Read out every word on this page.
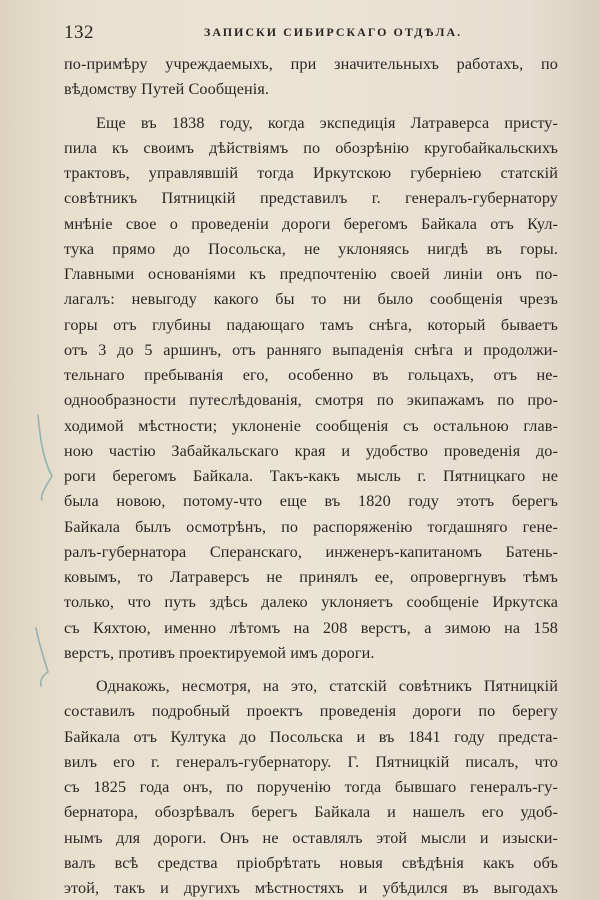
132	ЗАПИСКИ СИБИРСКАГО ОТДѢЛА.
по-примѣру учреждаемыхъ, при значительныхъ работахъ, по
вѣдомству Путей Сообщенія.
Еще въ 1838 году, когда экспедиція Латраверса присту-
пила къ своимъ дѣйствіямъ по обозрѣнію кругобайкальскихъ
трактовъ, управлявшій тогда Иркутскою губерніею статскій
совѣтникъ Пятницкій представилъ г. генералъ-губернатору
мнѣніе свое о проведеніи дороги берегомъ Байкала отъ Кул-
тука прямо до Посольска, не уклоняясь нигдѣ въ горы.
Главными основаніями къ предпочтенію своей линіи онъ по-
лагалъ: невыгоду какого бы то ни было сообщенія чрезъ
горы отъ глубины падающаго тамъ снѣга, который бываетъ
отъ 3 до 5 аршинъ, отъ ранняго выпаденія снѣга и продолжи-
тельнаго пребыванія его, особенно въ гольцахъ, отъ не-
однообразности путеслѣдованія, смотря по экипажамъ по про-
ходимой мѣстности; уклоненіе сообщенія съ остальною глав-
ною частію Забайкальскаго края и удобство проведенія до-
роги берегомъ Байкала. Такъ-какъ мысль г. Пятницкаго не
была новою, потому-что еще въ 1820 году этотъ берегъ
Байкала былъ осмотрѣнъ, по распоряженію тогдашняго гене-
ралъ-губернатора Сперанскаго, инженеръ-капитаномъ Батень-
ковымъ, то Латраверсъ не принялъ ее, опровергнувъ тѣмъ
только, что путь здѣсь далеко уклоняетъ сообщеніе Иркутска
съ Кяхтою, именно лѣтомъ на 208 верстъ, а зимою на 158
верстъ, противъ проектируемой имъ дороги.
Однакожь, несмотря, на это, статскій совѣтникъ Пятницкій
составилъ подробный проектъ проведенія дороги по берегу
Байкала отъ Култука до Посольска и въ 1841 году предста-
вилъ его г. генералъ-губернатору. Г. Пятницкій писалъ, что
съ 1825 года онъ, по порученію тогда бывшаго генералъ-гу-
бернатора, обозрѣвалъ берегъ Байкала и нашелъ его удоб-
нымъ для дороги. Онъ не оставлялъ этой мысли и изыски-
валъ всѣ средства пріобрѣтать новыя свѣдѣнія какъ объ
этой, такъ и другихъ мѣстностяхъ и убѣдился въ выгодахъ
